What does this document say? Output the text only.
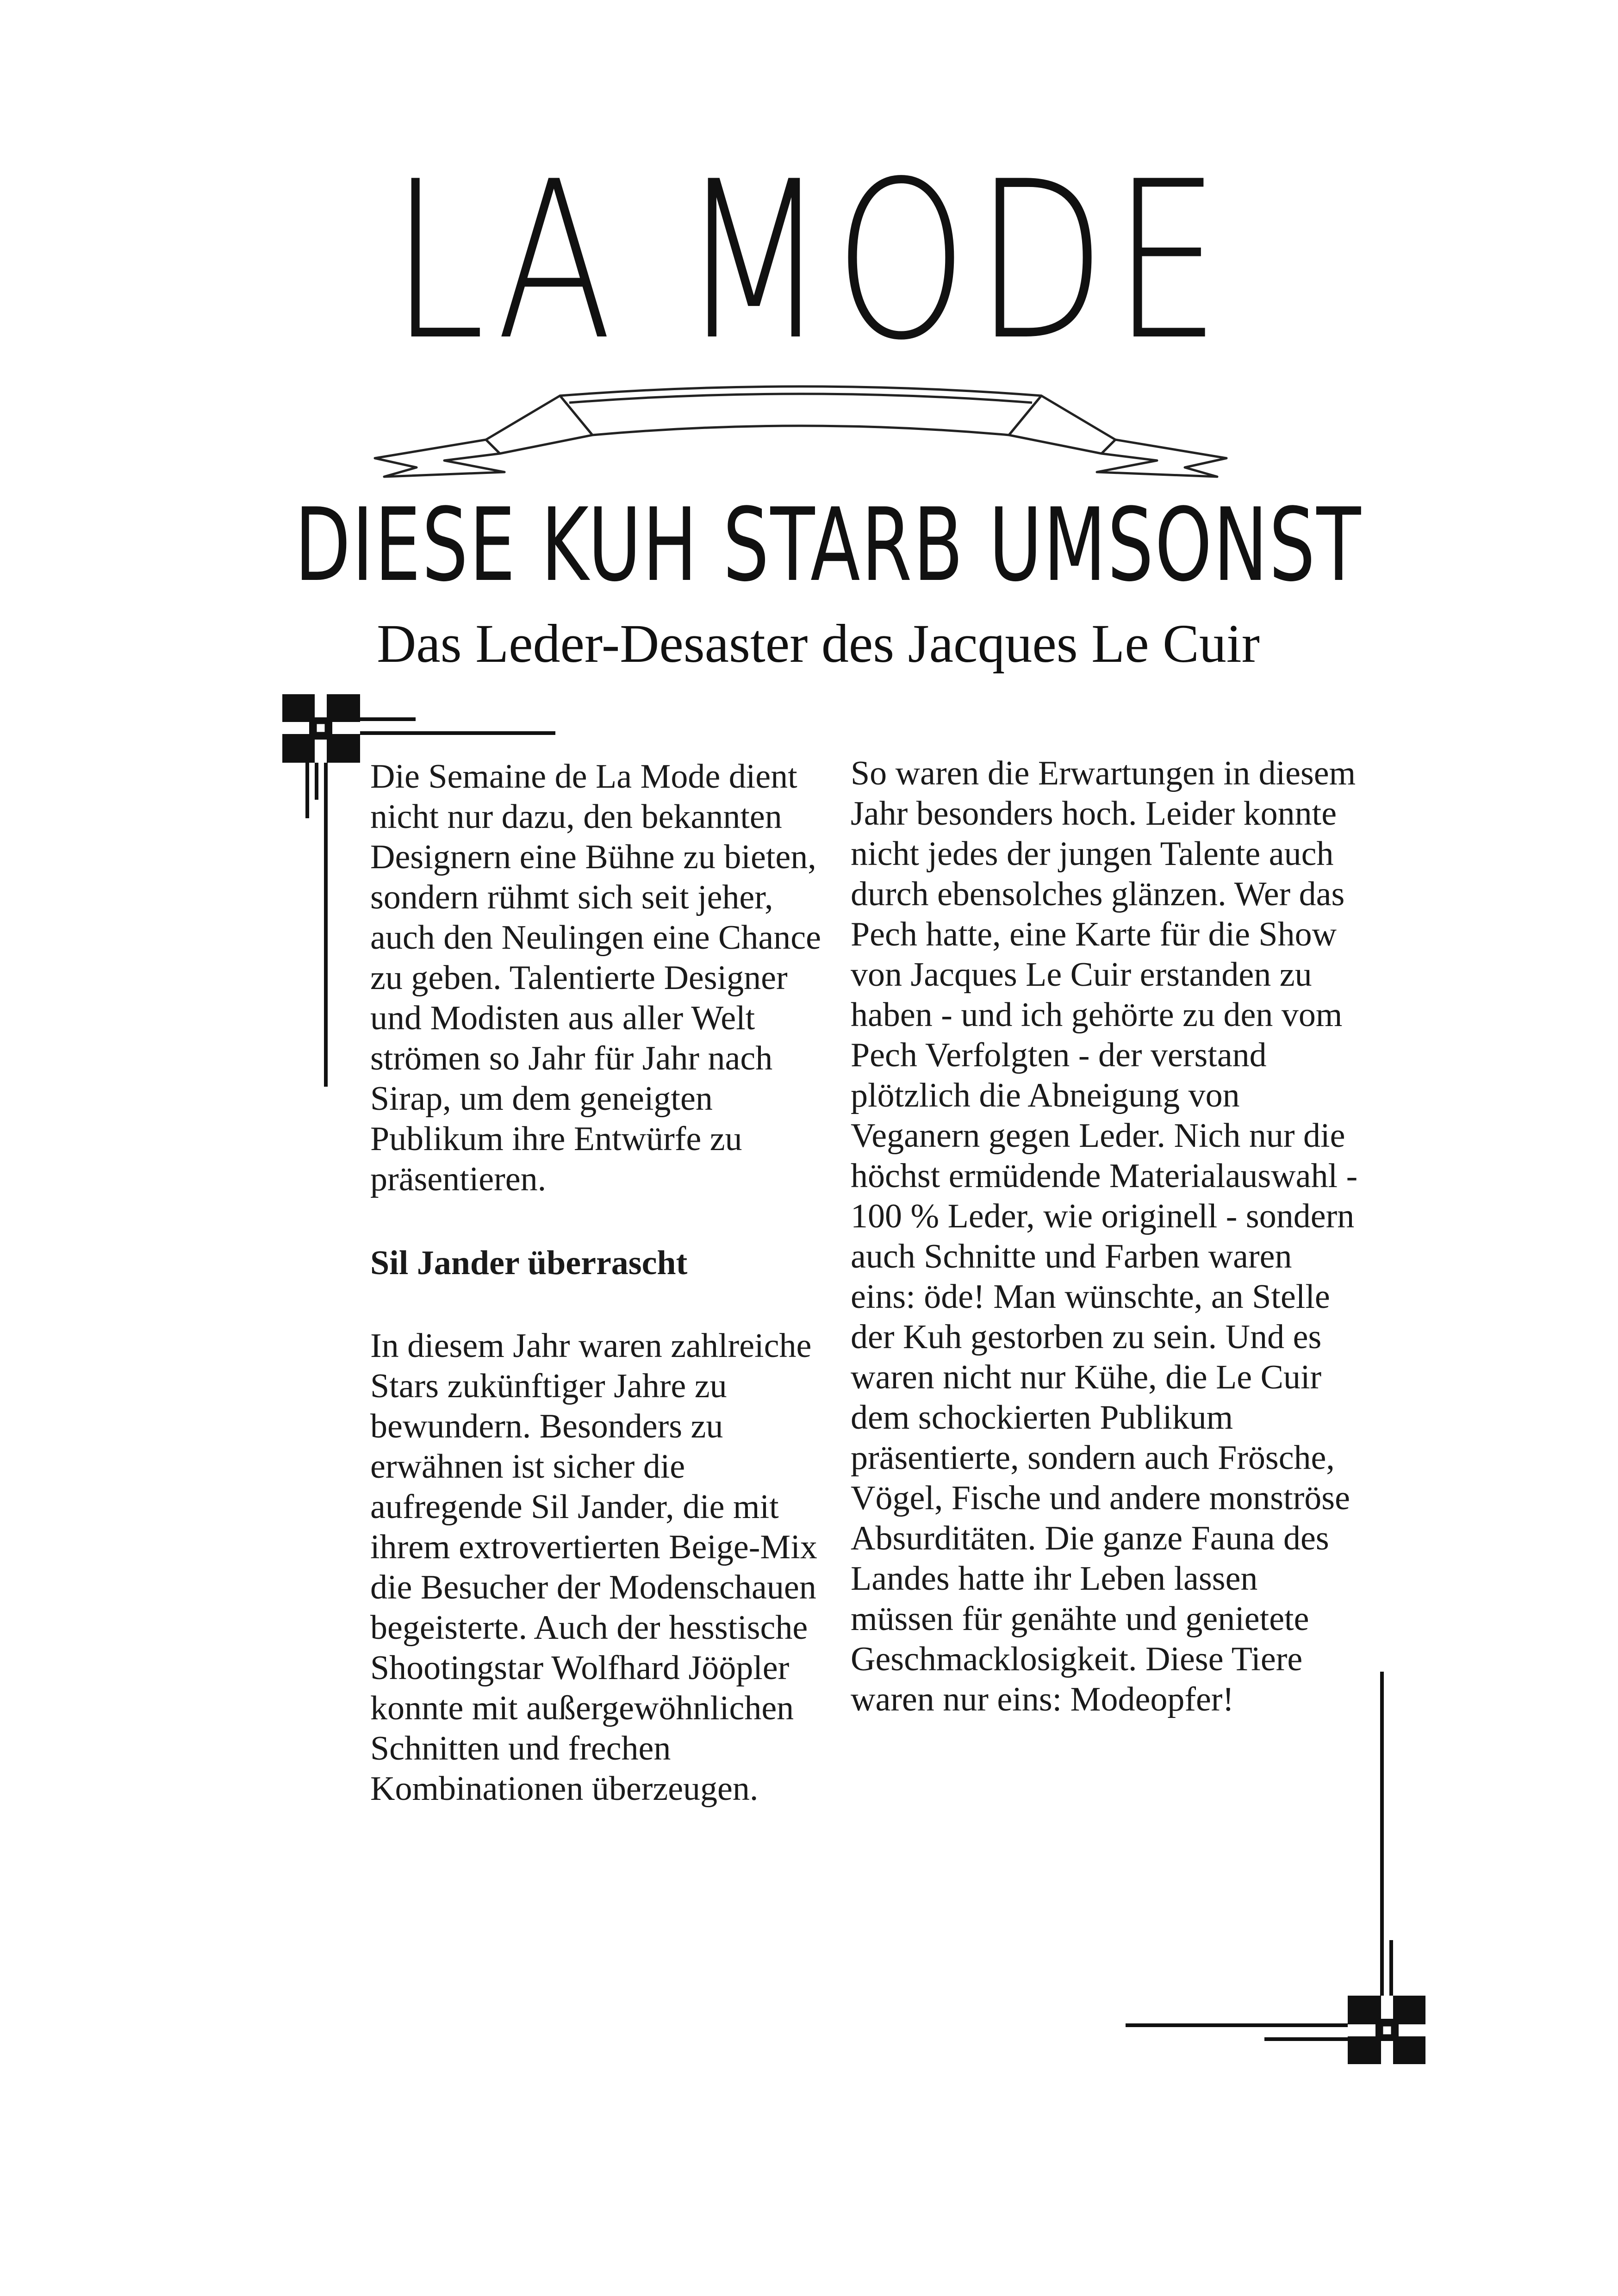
LA MODE
DIESE KUH STARB UMSONST
Das Leder-Desaster des Jacques Le Cuir

Die Semaine de La Mode dient nicht nur dazu, den bekannten Designern eine Bühne zu bieten, sondern rühmt sich seit jeher, auch den Neulingen eine Chance zu geben. Talentierte Designer und Modisten aus aller Welt strömen so Jahr für Jahr nach Sirap, um dem geneigten Publikum ihre Entwürfe zu präsentieren.

Sil Jander überrascht

In diesem Jahr waren zahlreiche Stars zukünftiger Jahre zu bewundern. Besonders zu erwähnen ist sicher die aufregende Sil Jander, die mit ihrem extrovertierten Beige-Mix die Besucher der Modenschauen begeisterte. Auch der hesstische Shootingstar Wolfhard Jööpler konnte mit außergewöhnlichen Schnitten und frechen Kombinationen überzeugen.

So waren die Erwartungen in diesem Jahr besonders hoch. Leider konnte nicht jedes der jungen Talente auch durch ebensolches glänzen. Wer das Pech hatte, eine Karte für die Show von Jacques Le Cuir erstanden zu haben - und ich gehörte zu den vom Pech Verfolgten - der verstand plötzlich die Abneigung von Veganern gegen Leder. Nich nur die höchst ermüdende Materialauswahl - 100 % Leder, wie originell - sondern auch Schnitte und Farben waren eins: öde! Man wünschte, an Stelle der Kuh gestorben zu sein. Und es waren nicht nur Kühe, die Le Cuir dem schockierten Publikum präsentierte, sondern auch Frösche, Vögel, Fische und andere monströse Absurditäten. Die ganze Fauna des Landes hatte ihr Leben lassen müssen für genähte und genietete Geschmacklosigkeit. Diese Tiere waren nur eins: Modeopfer!
